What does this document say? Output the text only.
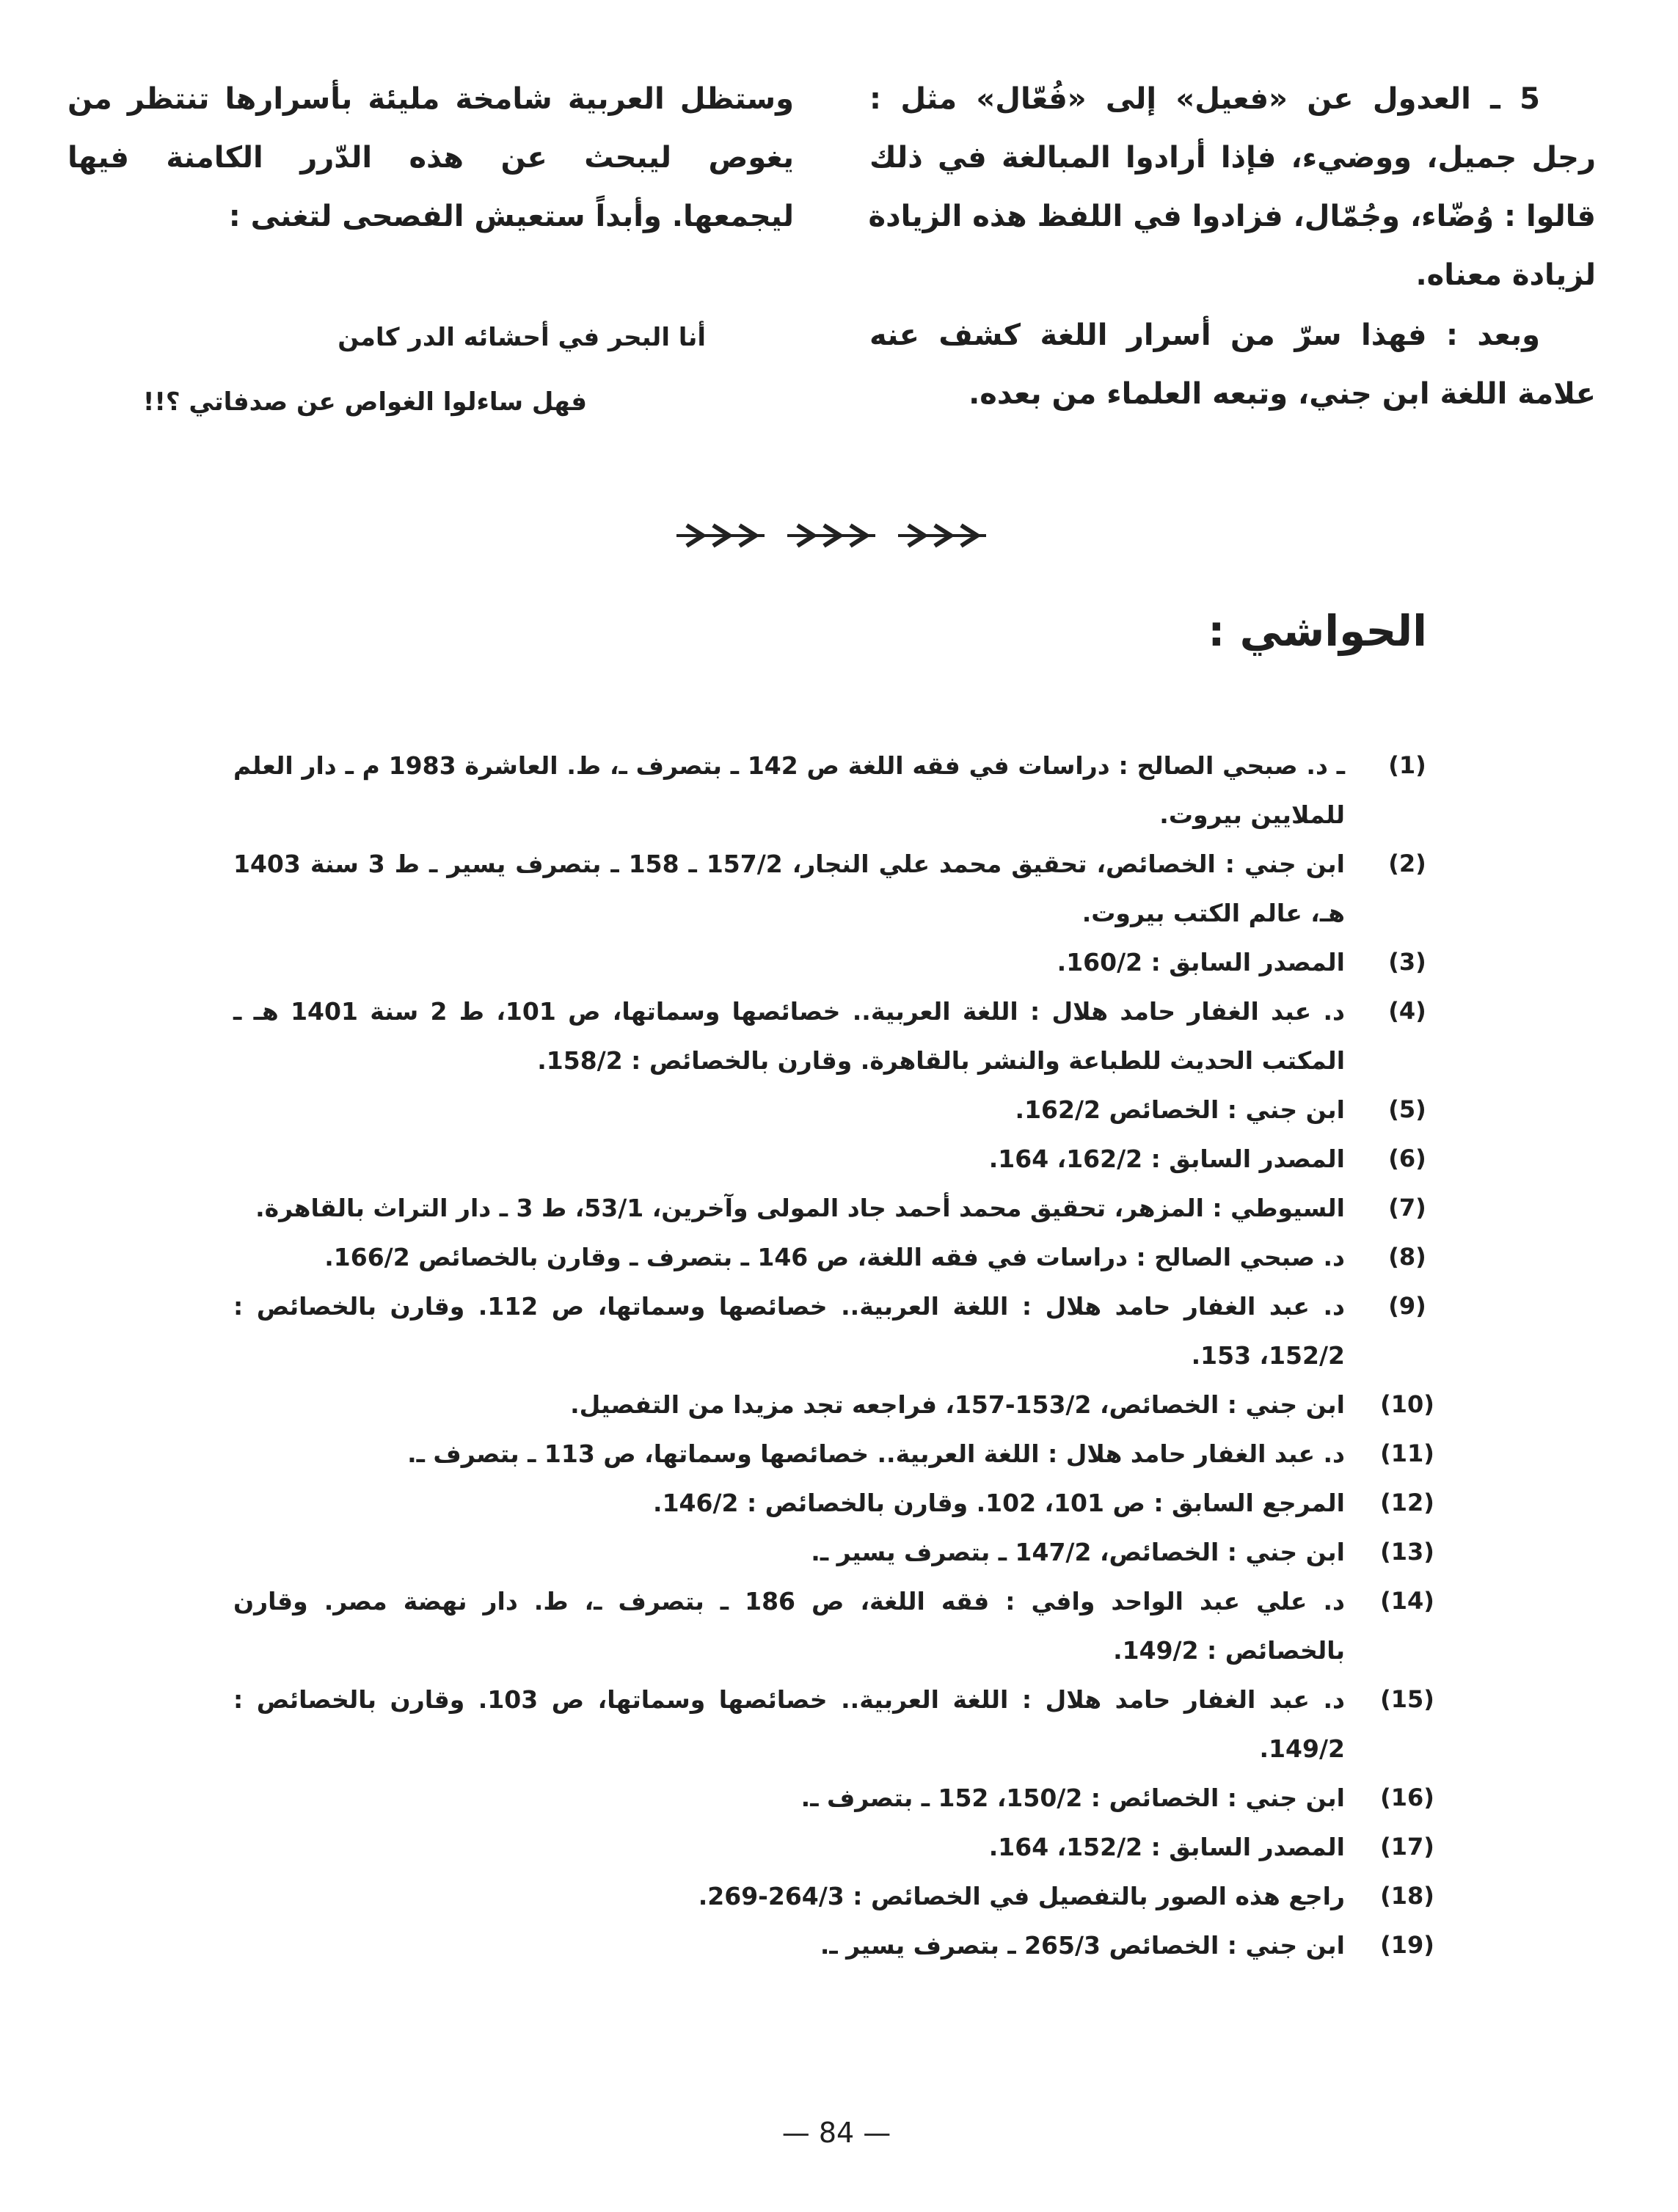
5 ـ العدول عن «فعيل» إلى «فُعّال» مثل :
رجل جميل، ووضيء، فإذا أرادوا المبالغة في ذلك
قالوا : وُضّاء، وجُمّال، فزادوا في اللفظ هذه الزيادة
لزيادة معناه.
وبعد : فهذا سرّ من أسرار اللغة كشف عنه
علامة اللغة ابن جني، وتبعه العلماء من بعده.
وستظل العربية شامخة مليئة بأسرارها تنتظر من
يغوص ليبحث عن هذه الدّرر الكامنة فيها
ليجمعها. وأبداً ستعيش الفصحى لتغنى :
أنا البحر في أحشائه الدر كامن
فهل ساءلوا الغواص عن صدفاتي ؟!!
الحواشي :
(1)
ـ د. صبحي الصالح : دراسات في فقه اللغة ص 142 ـ بتصرف ـ، ط. العاشرة 1983 م ـ دار العلم
للملايين بيروت.
(2)
ابن جني : الخصائص، تحقيق محمد علي النجار، 157/2 ـ 158 ـ بتصرف يسير ـ ط 3 سنة 1403
هـ، عالم الكتب بيروت.
(3)
المصدر السابق : 160/2.
(4)
د. عبد الغفار حامد هلال : اللغة العربية.. خصائصها وسماتها، ص 101، ط 2 سنة 1401 هـ ـ
المكتب الحديث للطباعة والنشر بالقاهرة. وقارن بالخصائص : 158/2.
(5)
ابن جني : الخصائص 162/2.
(6)
المصدر السابق : 162/2، 164.
(7)
السيوطي : المزهر، تحقيق محمد أحمد جاد المولى وآخرين، 53/1، ط 3 ـ دار التراث بالقاهرة.
(8)
د. صبحي الصالح : دراسات في فقه اللغة، ص 146 ـ بتصرف ـ وقارن بالخصائص 166/2.
(9)
د. عبد الغفار حامد هلال : اللغة العربية.. خصائصها وسماتها، ص 112. وقارن بالخصائص :
152/2، 153.
(10)
ابن جني : الخصائص، 153/2-157، فراجعه تجد مزيدا من التفصيل.
(11)
د. عبد الغفار حامد هلال : اللغة العربية.. خصائصها وسماتها، ص 113 ـ بتصرف ـ.
(12)
المرجع السابق : ص 101، 102. وقارن بالخصائص : 146/2.
(13)
ابن جني : الخصائص، 147/2 ـ بتصرف يسير ـ.
(14)
د. علي عبد الواحد وافي : فقه اللغة، ص 186 ـ بتصرف ـ، ط. دار نهضة مصر. وقارن
بالخصائص : 149/2.
(15)
د. عبد الغفار حامد هلال : اللغة العربية.. خصائصها وسماتها، ص 103. وقارن بالخصائص :
149/2.
(16)
ابن جني : الخصائص : 150/2، 152 ـ بتصرف ـ.
(17)
المصدر السابق : 152/2، 164.
(18)
راجع هذه الصور بالتفصيل في الخصائص : 264/3-269.
(19)
ابن جني : الخصائص 265/3 ـ بتصرف يسير ـ.
— 84 —
